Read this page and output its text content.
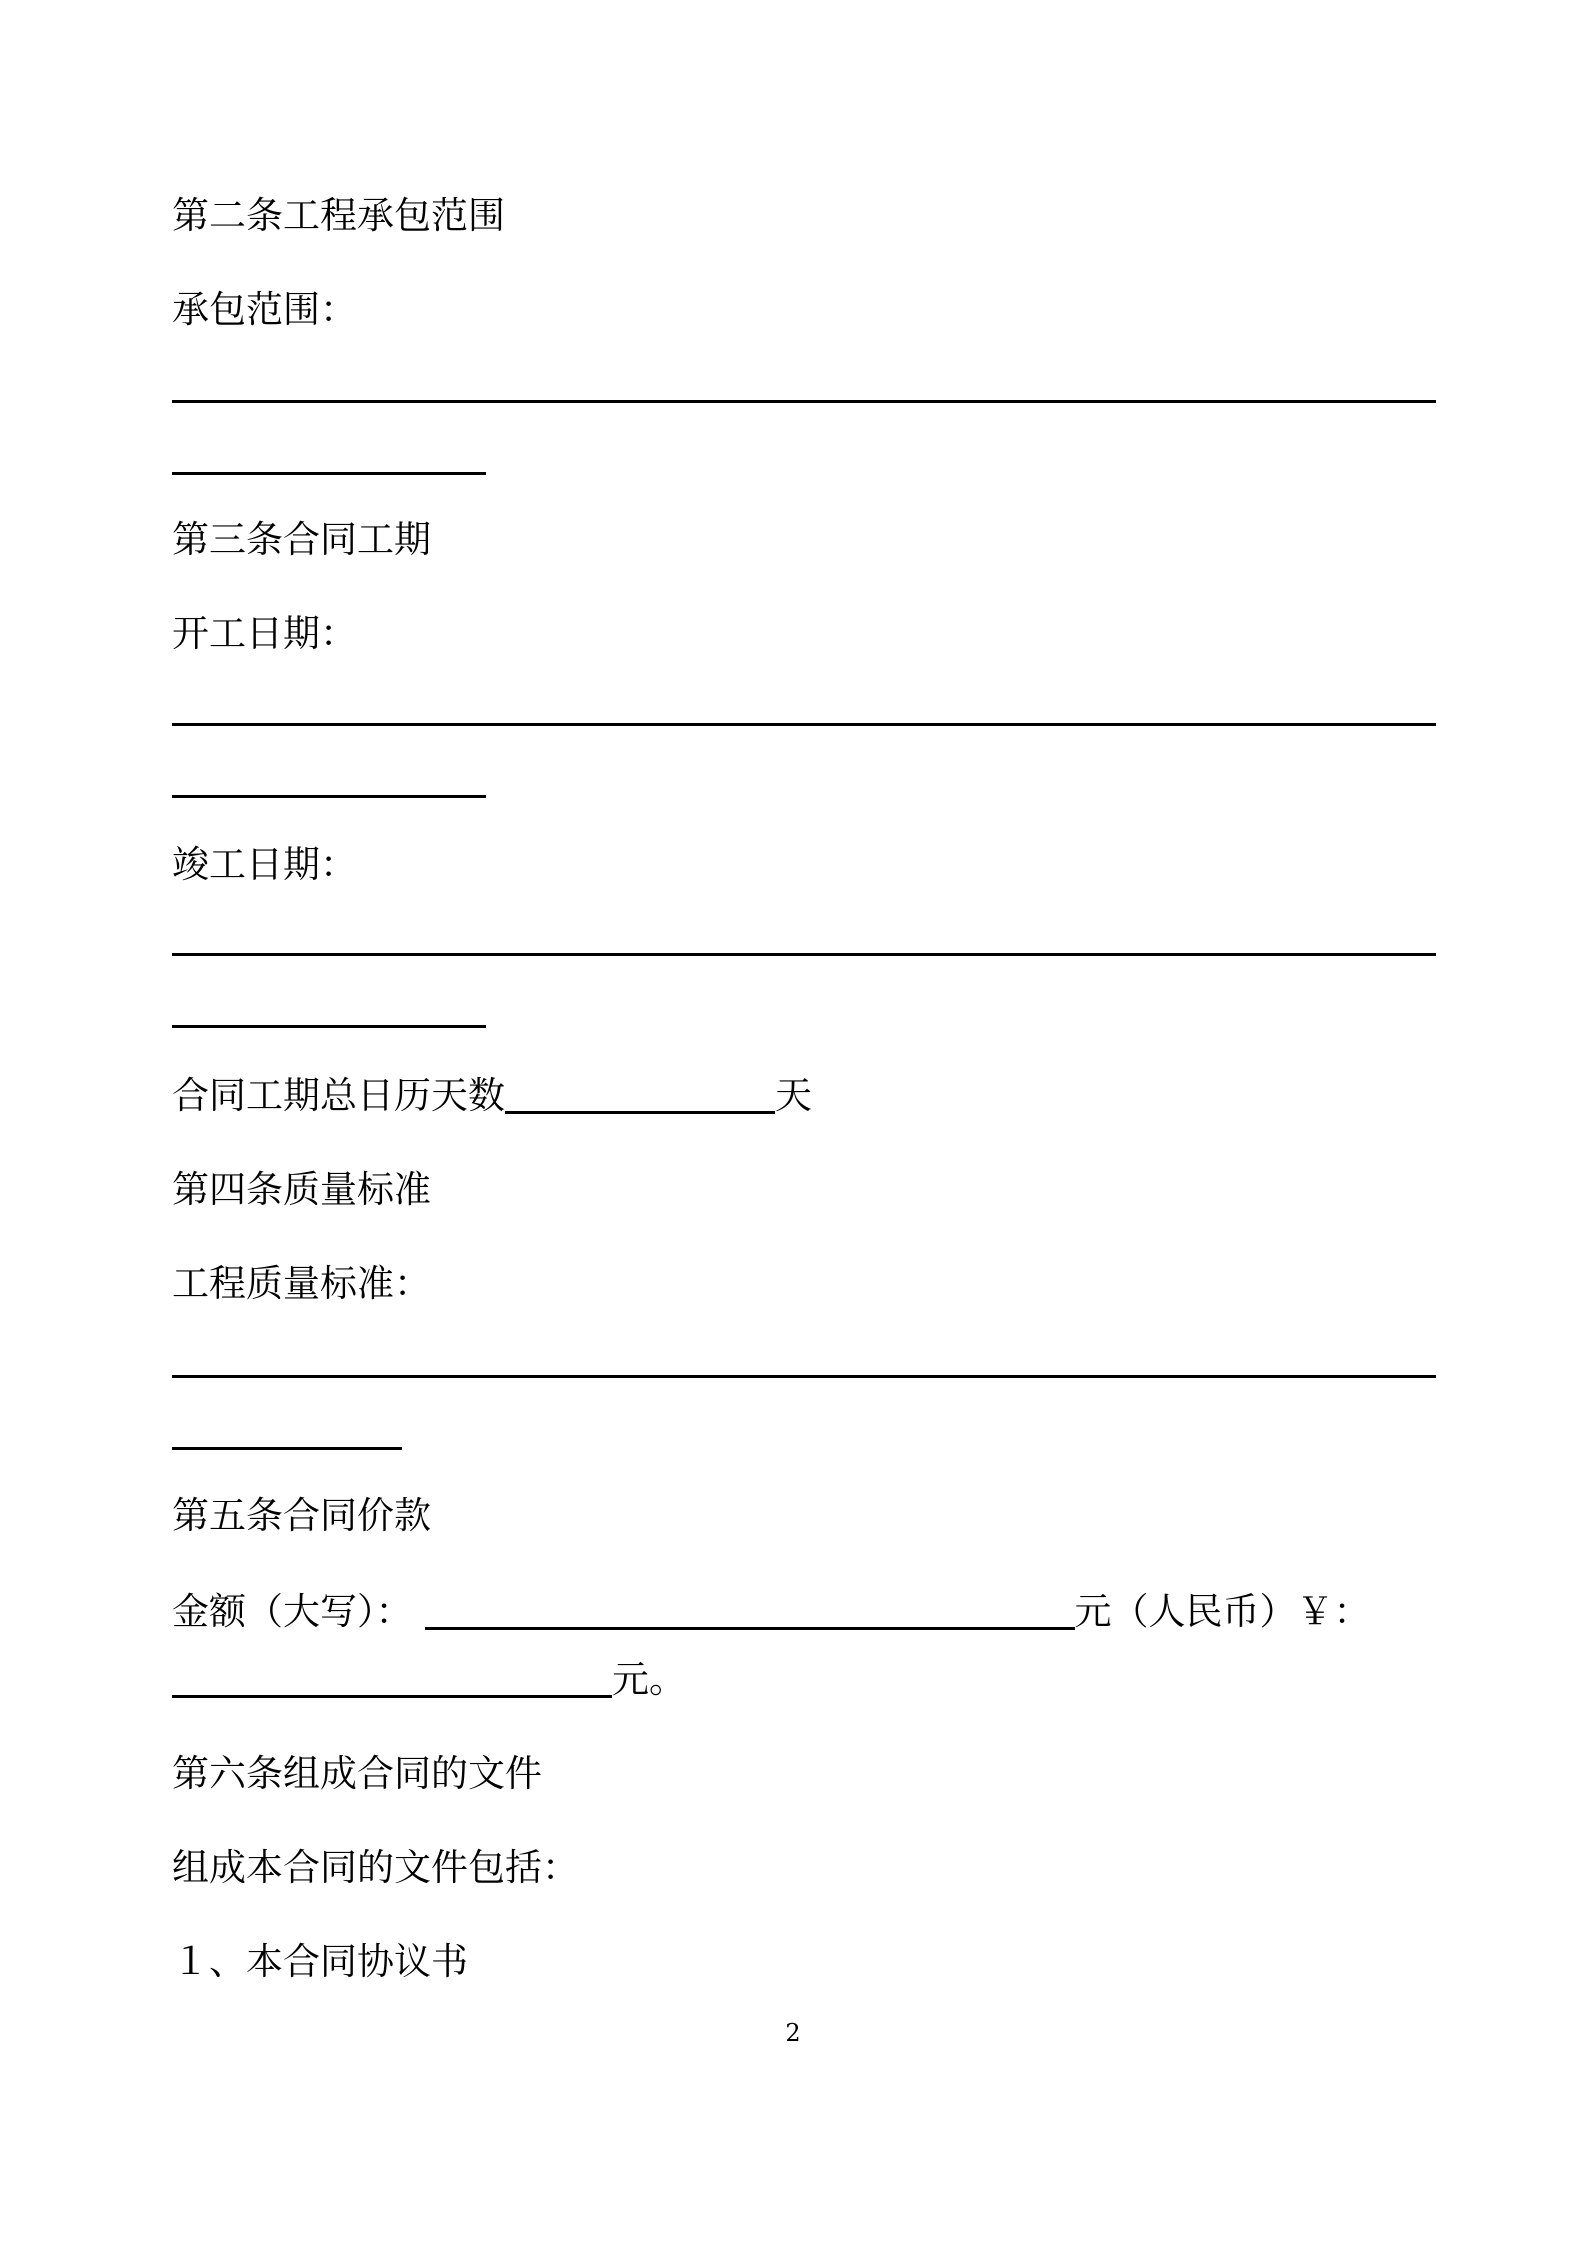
第二条工程承包范围
承包范围：
第三条合同工期
开工日期：
竣工日期：
合同工期总日历天数	天
第四条质量标准
工程质量标准：
第五条合同价款
金额（大写）：	元（人民币）￥：
元。
第六条组成合同的文件
组成本合同的文件包括：
１、本合同协议书
2
